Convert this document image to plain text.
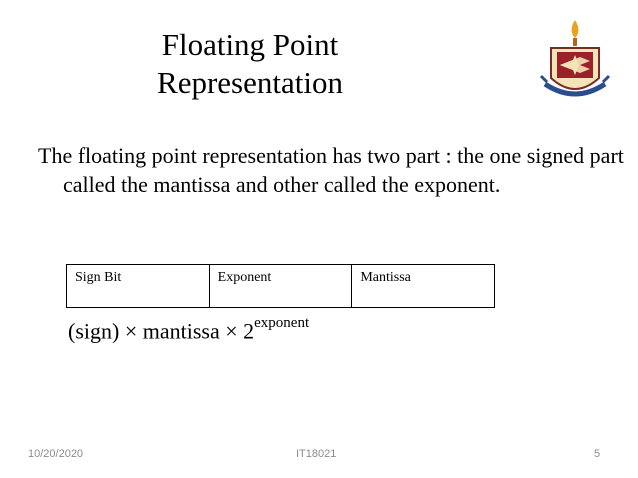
Floating Point
Representation
The floating point representation has two part : the one signed part called the mantissa and other called the exponent.
Sign Bit	Exponent	Mantissa
(sign) × mantissa × $2^{exponent}$
10/20/2020	IT18021	5
